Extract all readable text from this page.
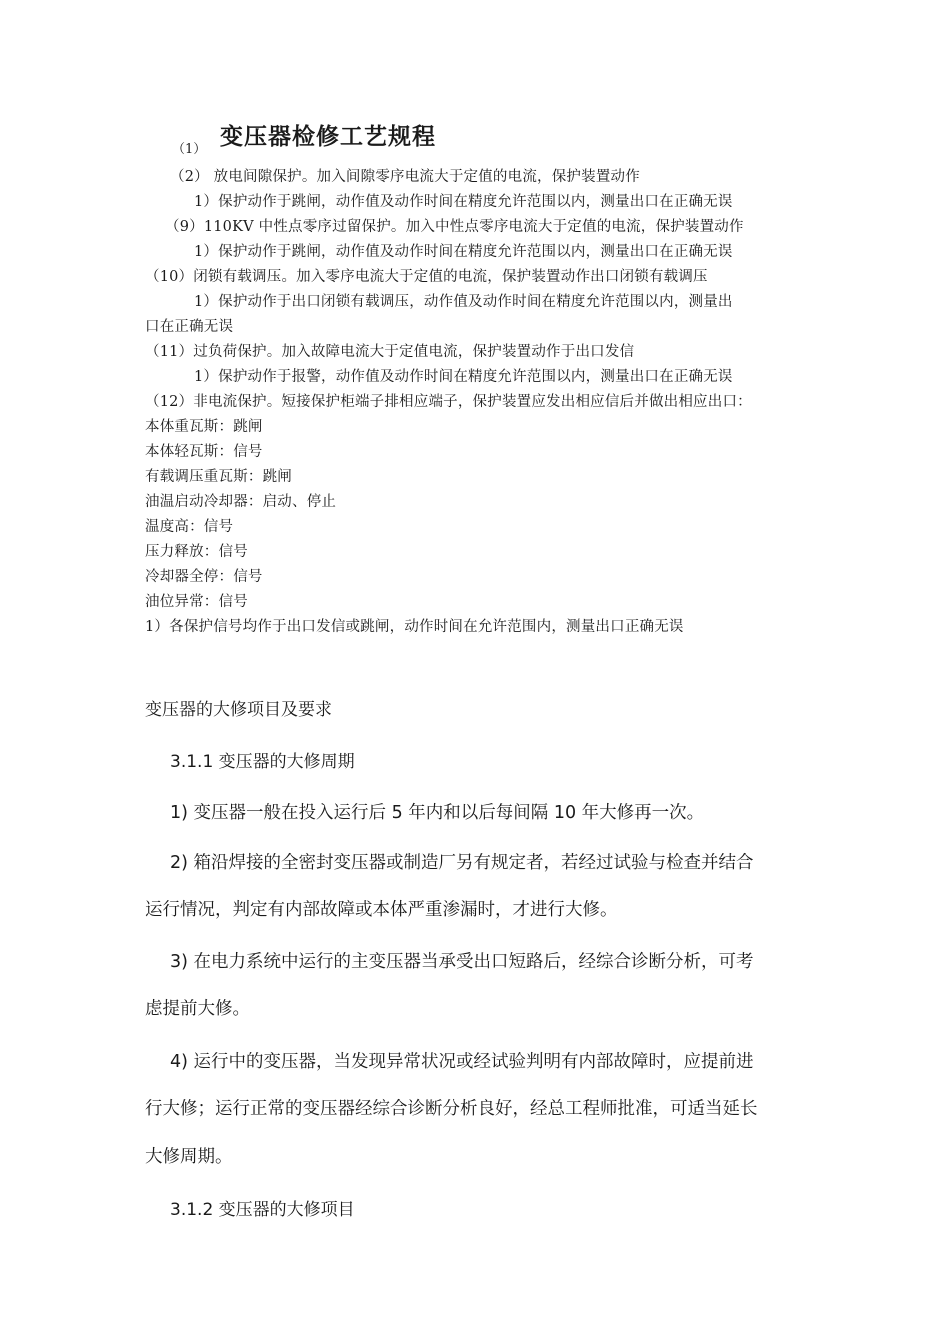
（1） 变压器检修工艺规程
（2） 放电间隙保护。加入间隙零序电流大于定值的电流，保护装置动作
1）保护动作于跳闸，动作值及动作时间在精度允许范围以内，测量出口在正确无误
（9）110KV 中性点零序过留保护。加入中性点零序电流大于定值的电流，保护装置动作
1）保护动作于跳闸，动作值及动作时间在精度允许范围以内，测量出口在正确无误
（10）闭锁有载调压。加入零序电流大于定值的电流，保护装置动作出口闭锁有载调压
1）保护动作于出口闭锁有载调压，动作值及动作时间在精度允许范围以内，测量出
口在正确无误
（11）过负荷保护。加入故障电流大于定值电流，保护装置动作于出口发信
1）保护动作于报警，动作值及动作时间在精度允许范围以内，测量出口在正确无误
（12）非电流保护。短接保护柜端子排相应端子，保护装置应发出相应信后并做出相应出口：
本体重瓦斯：跳闸
本体轻瓦斯：信号
有载调压重瓦斯：跳闸
油温启动冷却器：启动、停止
温度高：信号
压力释放：信号
冷却器全停：信号
油位异常：信号
1）各保护信号均作于出口发信或跳闸，动作时间在允许范围内，测量出口正确无误
变压器的大修项目及要求
3.1.1 变压器的大修周期
1) 变压器一般在投入运行后 5 年内和以后每间隔 10 年大修再一次。
2) 箱沿焊接的全密封变压器或制造厂另有规定者，若经过试验与检查并结合
运行情况，判定有内部故障或本体严重渗漏时，才进行大修。
3) 在电力系统中运行的主变压器当承受出口短路后，经综合诊断分析，可考
虑提前大修。
4) 运行中的变压器，当发现异常状况或经试验判明有内部故障时，应提前进
行大修；运行正常的变压器经综合诊断分析良好，经总工程师批准，可适当延长
大修周期。
3.1.2 变压器的大修项目
